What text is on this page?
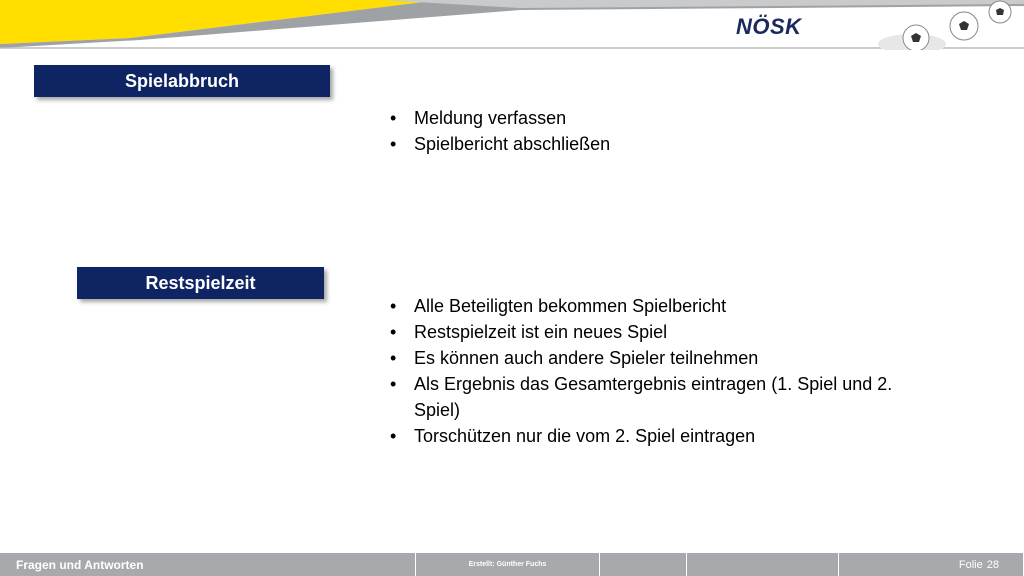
NÖSK
Spielabbruch
• Meldung verfassen
• Spielbericht abschließen
Restspielzeit
• Alle Beteiligten bekommen Spielbericht
• Restspielzeit ist ein neues Spiel
• Es können auch andere Spieler teilnehmen
• Als Ergebnis das Gesamtergebnis eintragen (1. Spiel und 2. Spiel)
• Torschützen nur die vom 2. Spiel eintragen
Fragen und Antworten	Erstellt: Günther Fuchs	Folie 28
